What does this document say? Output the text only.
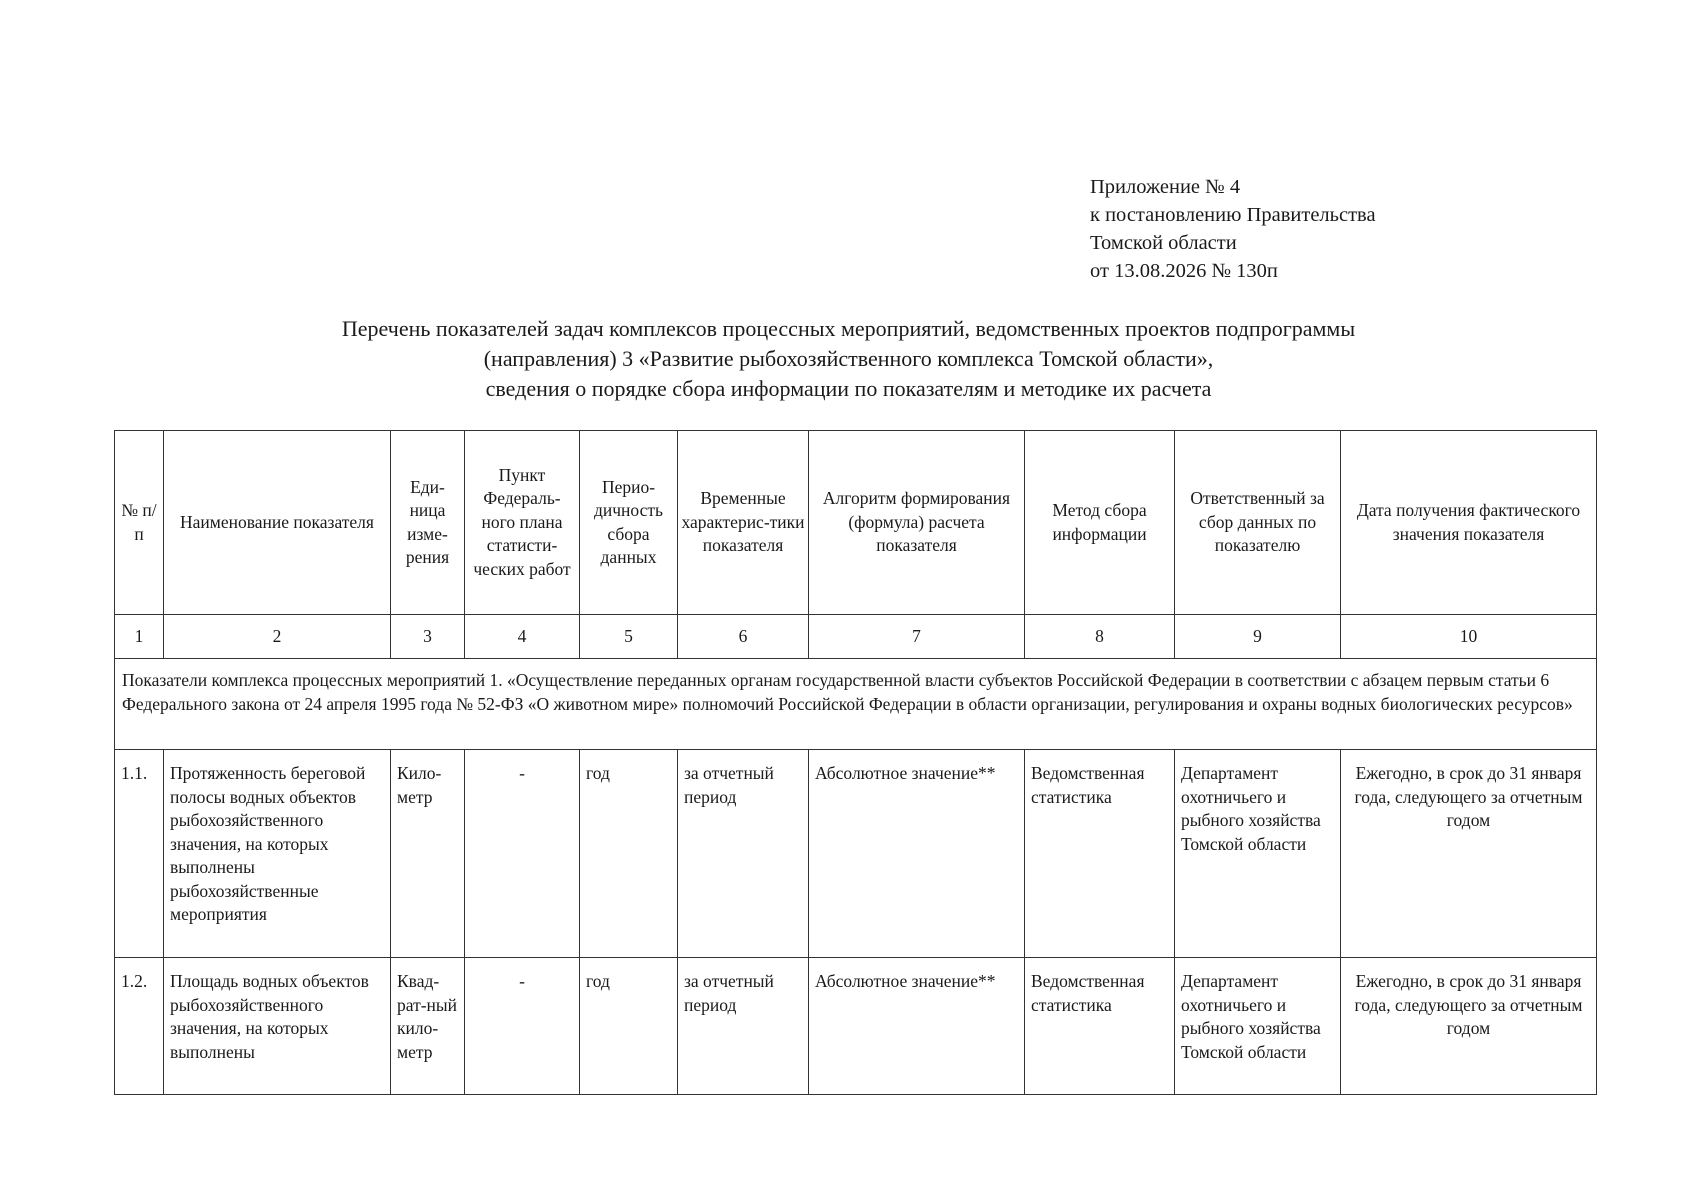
Приложение № 4
к постановлению Правительства
Томской области
от 13.08.2026 № 130п
Перечень показателей задач комплексов процессных мероприятий, ведомственных проектов подпрограммы
(направления) 3 «Развитие рыбохозяйственного комплекса Томской области»,
сведения о порядке сбора информации по показателям и методике их расчета
№ п/п	Наименование показателя	Еди-ница изме-рения	Пункт Федераль-ного плана статисти-ческих работ	Перио-дичность сбора данных	Временные характерис-тики показателя	Алгоритм формирования (формула) расчета показателя	Метод сбора информации	Ответственный за сбор данных по показателю	Дата получения фактического значения показателя
1	2	3	4	5	6	7	8	9	10
Показатели комплекса процессных мероприятий 1. «Осуществление переданных органам государственной власти субъектов Российской Федерации в соответствии с абзацем первым статьи 6 Федерального закона от 24 апреля 1995 года № 52-ФЗ «О животном мире» полномочий Российской Федерации в области организации, регулирования и охраны водных биологических ресурсов»									
1.1.	Протяженность береговой полосы водных объектов рыбохозяйственного значения, на которых выполнены рыбохозяйственные мероприятия	Кило-метр	-	год	за отчетный период	Абсолютное значение**	Ведомственная статистика	Департамент охотничьего и рыбного хозяйства Томской области	Ежегодно, в срок до 31 января года, следующего за отчетным годом
1.2.	Площадь водных объектов рыбохозяйственного значения, на которых выполнены	Квад-рат-ный кило-метр	-	год	за отчетный период	Абсолютное значение**	Ведомственная статистика	Департамент охотничьего и рыбного хозяйства Томской области	Ежегодно, в срок до 31 января года, следующего за отчетным годом
